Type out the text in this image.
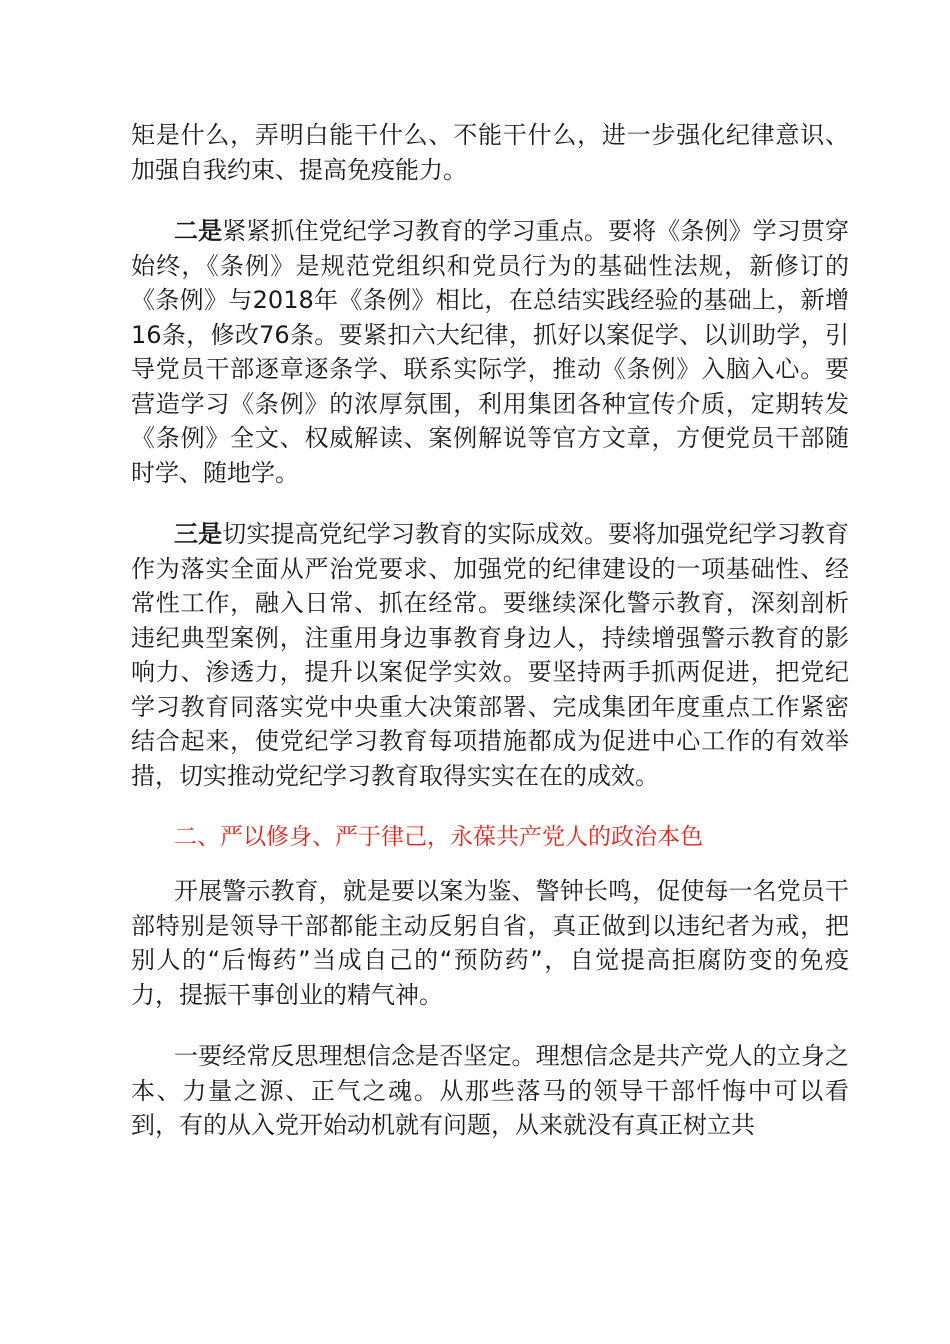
矩是什么，弄明白能干什么、不能干什么，进一步强化纪律意识、加强自我约束、提高免疫能力。

二是紧紧抓住党纪学习教育的学习重点。要将《条例》学习贯穿始终，《条例》是规范党组织和党员行为的基础性法规，新修订的《条例》与2018年《条例》相比，在总结实践经验的基础上，新增16条，修改76条。要紧扣六大纪律，抓好以案促学、以训助学，引导党员干部逐章逐条学、联系实际学，推动《条例》入脑入心。要营造学习《条例》的浓厚氛围，利用集团各种宣传介质，定期转发《条例》全文、权威解读、案例解说等官方文章，方便党员干部随时学、随地学。

三是切实提高党纪学习教育的实际成效。要将加强党纪学习教育作为落实全面从严治党要求、加强党的纪律建设的一项基础性、经常性工作，融入日常、抓在经常。要继续深化警示教育，深刻剖析违纪典型案例，注重用身边事教育身边人，持续增强警示教育的影响力、渗透力，提升以案促学实效。要坚持两手抓两促进，把党纪学习教育同落实党中央重大决策部署、完成集团年度重点工作紧密结合起来，使党纪学习教育每项措施都成为促进中心工作的有效举措，切实推动党纪学习教育取得实实在在的成效。

二、严以修身、严于律己，永葆共产党人的政治本色

开展警示教育，就是要以案为鉴、警钟长鸣，促使每一名党员干部特别是领导干部都能主动反躬自省，真正做到以违纪者为戒，把别人的“后悔药”当成自己的“预防药”，自觉提高拒腐防变的免疫力，提振干事创业的精气神。

一要经常反思理想信念是否坚定。理想信念是共产党人的立身之本、力量之源、正气之魂。从那些落马的领导干部忏悔中可以看到，有的从入党开始动机就有问题，从来就没有真正树立共
